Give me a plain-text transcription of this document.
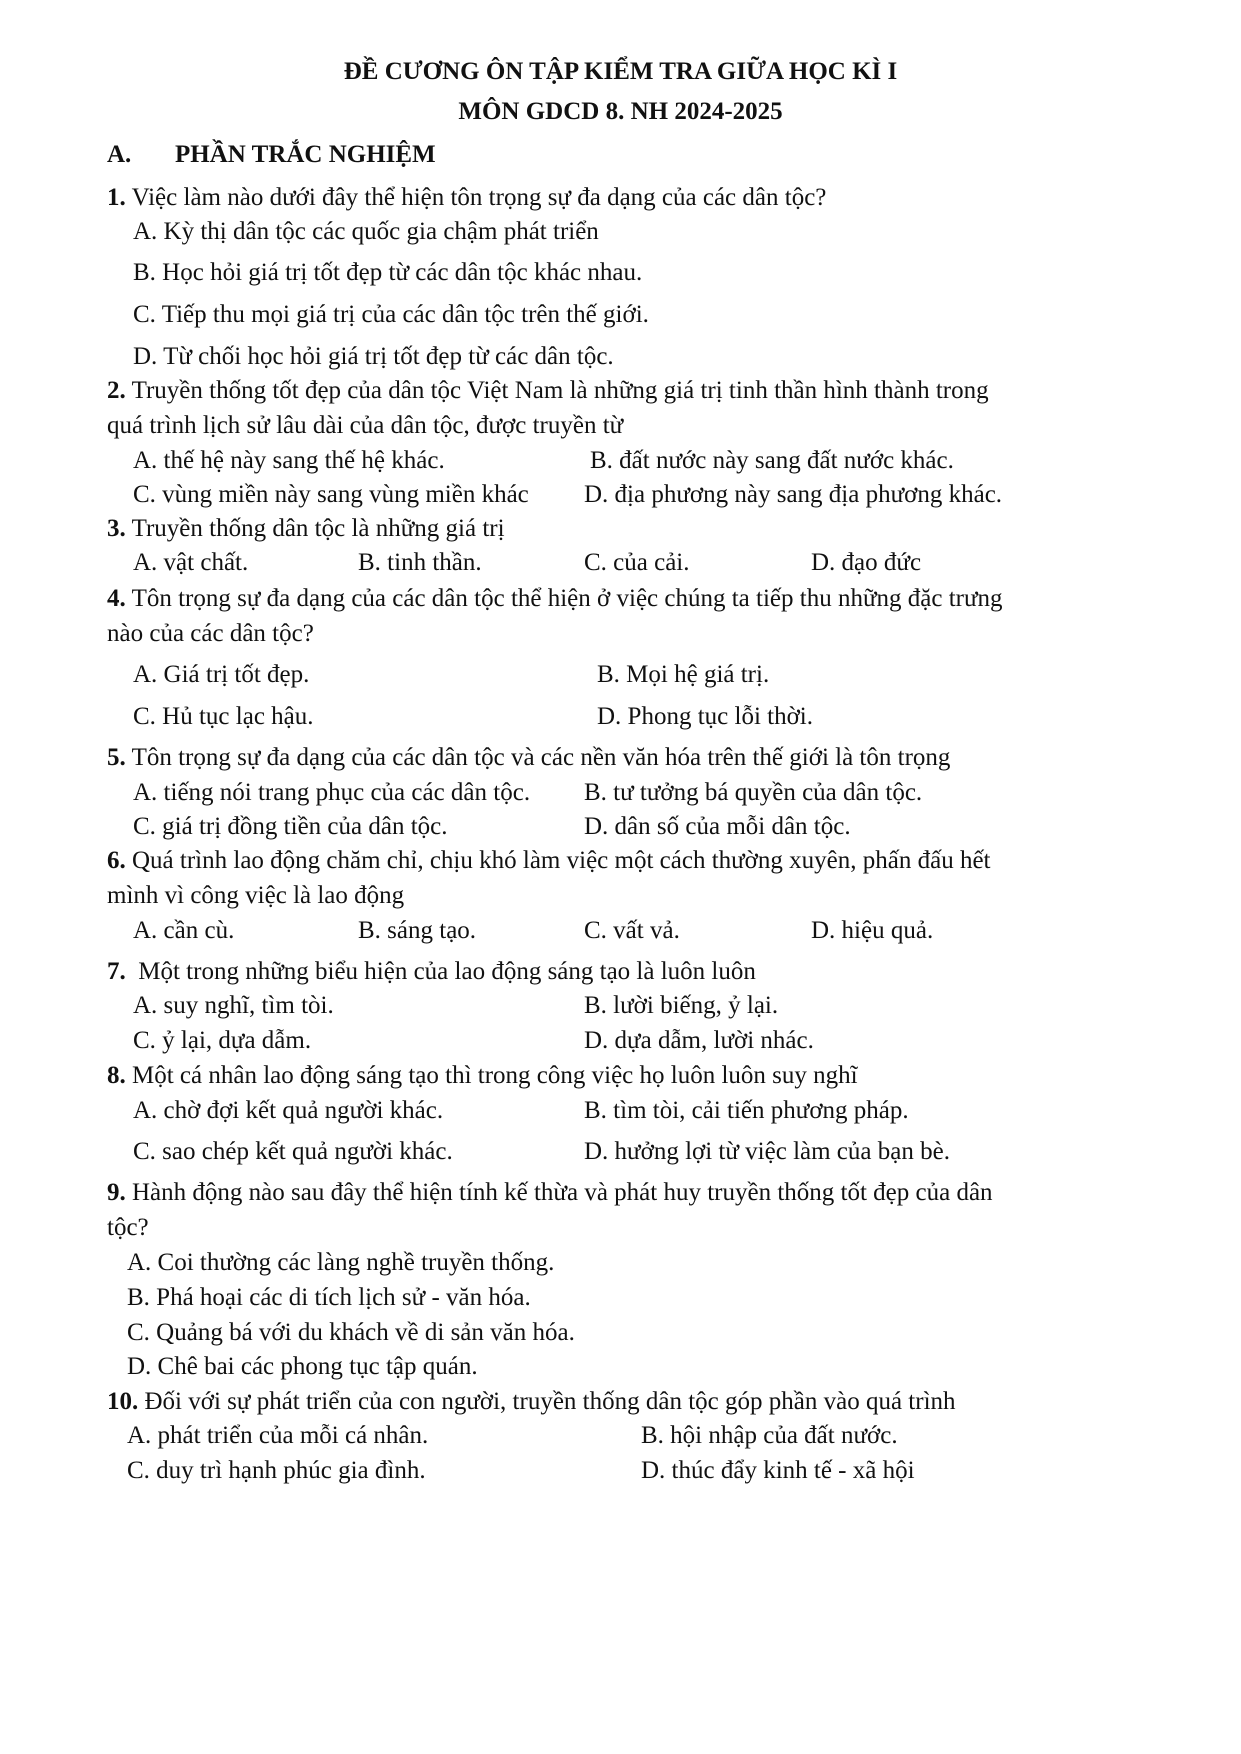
ĐỀ CƯƠNG ÔN TẬP KIỂM TRA GIỮA HỌC KÌ I
MÔN GDCD 8. NH 2024-2025
A. PHẦN TRẮC NGHIỆM
1. Việc làm nào dưới đây thể hiện tôn trọng sự đa dạng của các dân tộc?
A. Kỳ thị dân tộc các quốc gia chậm phát triển
B. Học hỏi giá trị tốt đẹp từ các dân tộc khác nhau.
C. Tiếp thu mọi giá trị của các dân tộc trên thế giới.
D. Từ chối học hỏi giá trị tốt đẹp từ các dân tộc.
2. Truyền thống tốt đẹp của dân tộc Việt Nam là những giá trị tinh thần hình thành trong
quá trình lịch sử lâu dài của dân tộc, được truyền từ
A. thế hệ này sang thế hệ khác.	B. đất nước này sang đất nước khác.
C. vùng miền này sang vùng miền khác D. địa phương này sang địa phương khác.
3. Truyền thống dân tộc là những giá trị
A. vật chất.	B. tinh thần.	C. của cải.	D. đạo đức
4. Tôn trọng sự đa dạng của các dân tộc thể hiện ở việc chúng ta tiếp thu những đặc trưng
nào của các dân tộc?
A. Giá trị tốt đẹp.	B. Mọi hệ giá trị.
C. Hủ tục lạc hậu.	D. Phong tục lỗi thời.
5. Tôn trọng sự đa dạng của các dân tộc và các nền văn hóa trên thế giới là tôn trọng
A. tiếng nói trang phục của các dân tộc. B. tư tưởng bá quyền của dân tộc.
C. giá trị đồng tiền của dân tộc.	D. dân số của mỗi dân tộc.
6. Quá trình lao động chăm chỉ, chịu khó làm việc một cách thường xuyên, phấn đấu hết
mình vì công việc là lao động
A. cần cù.	B. sáng tạo.	C. vất vả.	D. hiệu quả.
7. Một trong những biểu hiện của lao động sáng tạo là luôn luôn
A. suy nghĩ, tìm tòi.	B. lười biếng, ỷ lại.
C. ỷ lại, dựa dẫm.	D. dựa dẫm, lười nhác.
8. Một cá nhân lao động sáng tạo thì trong công việc họ luôn luôn suy nghĩ
A. chờ đợi kết quả người khác.	B. tìm tòi, cải tiến phương pháp.
C. sao chép kết quả người khác.	D. hưởng lợi từ việc làm của bạn bè.
9. Hành động nào sau đây thể hiện tính kế thừa và phát huy truyền thống tốt đẹp của dân
tộc?
A. Coi thường các làng nghề truyền thống.
B. Phá hoại các di tích lịch sử - văn hóa.
C. Quảng bá với du khách về di sản văn hóa.
D. Chê bai các phong tục tập quán.
10. Đối với sự phát triển của con người, truyền thống dân tộc góp phần vào quá trình
A. phát triển của mỗi cá nhân.	B. hội nhập của đất nước.
C. duy trì hạnh phúc gia đình.	D. thúc đẩy kinh tế - xã hội
